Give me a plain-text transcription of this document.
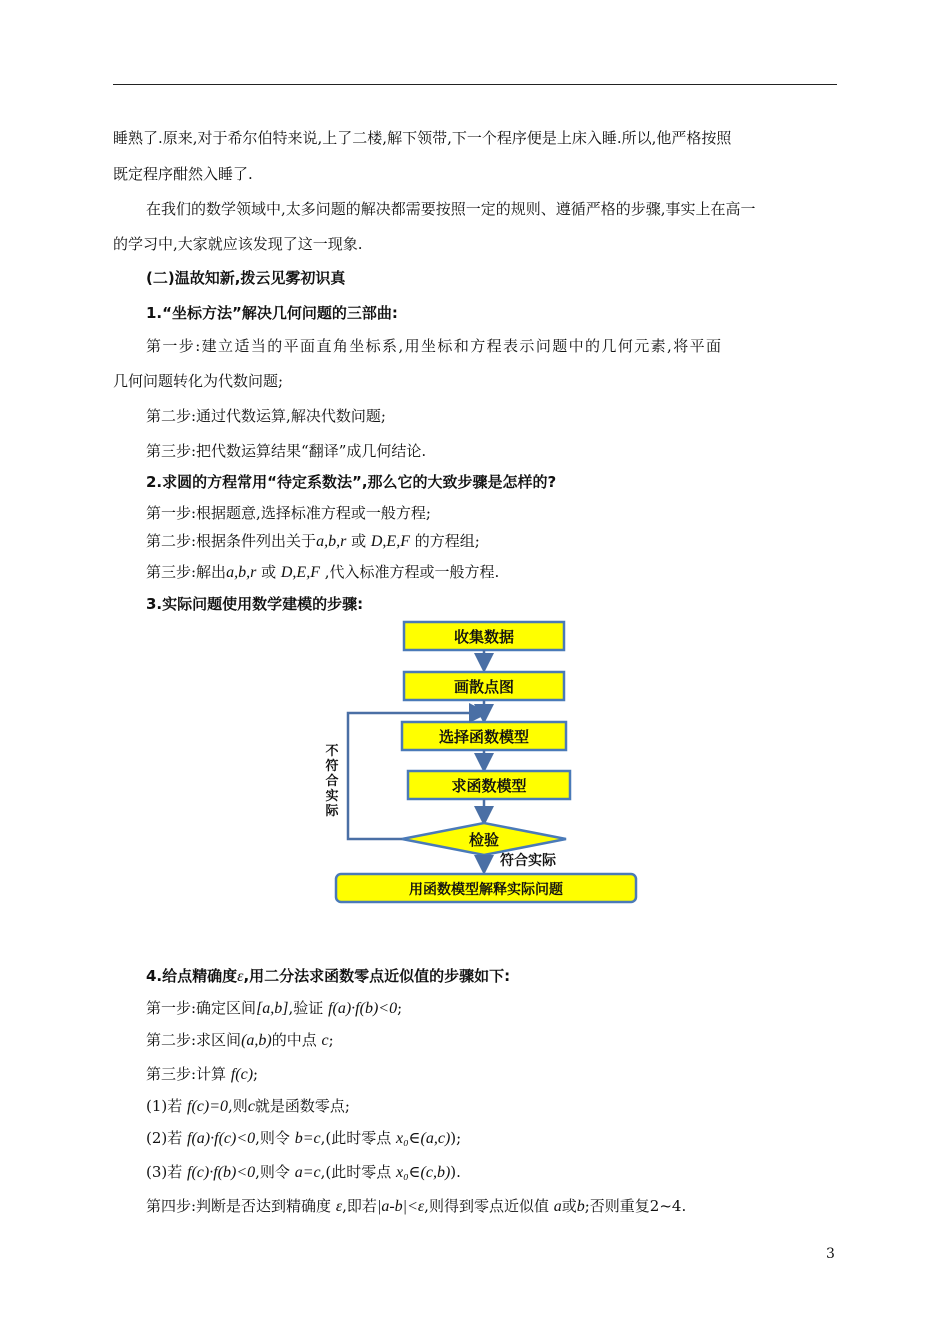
睡熟了.原来,对于希尔伯特来说,上了二楼,解下领带,下一个程序便是上床入睡.所以,他严格按照
既定程序酣然入睡了.
在我们的数学领域中,太多问题的解决都需要按照一定的规则、遵循严格的步骤,事实上在高一
的学习中,大家就应该发现了这一现象.
(二)温故知新,拨云见雾初识真
1.“坐标方法”解决几何问题的三部曲:
第一步:建立适当的平面直角坐标系,用坐标和方程表示问题中的几何元素,将平面
几何问题转化为代数问题;
第二步:通过代数运算,解决代数问题;
第三步:把代数运算结果“翻译”成几何结论.
2.求圆的方程常用“待定系数法”,那么它的大致步骤是怎样的?
第一步:根据题意,选择标准方程或一般方程;
第二步:根据条件列出关于a,b,r 或 D,E,F 的方程组;
第三步:解出a,b,r 或 D,E,F ,代入标准方程或一般方程.
3.实际问题使用数学建模的步骤:
收集数据
画散点图
选择函数模型
求函数模型
检验
不
符
合
实
际
符合实际
用函数模型解释实际问题
4.给点精确度ε,用二分法求函数零点近似值的步骤如下:
第一步:确定区间[a,b],验证 f(a)·f(b)<0;
第二步:求区间(a,b)的中点 c;
第三步:计算 f(c);
(1)若 f(c)=0,则c就是函数零点;
(2)若 f(a)·f(c)<0,则令 b=c,(此时零点 x₀∈(a,c));
(3)若 f(c)·f(b)<0,则令 a=c,(此时零点 x₀∈(c,b)).
第四步:判断是否达到精确度 ε,即若|a-b|<ε,则得到零点近似值 a或b;否则重复2~4.
3
